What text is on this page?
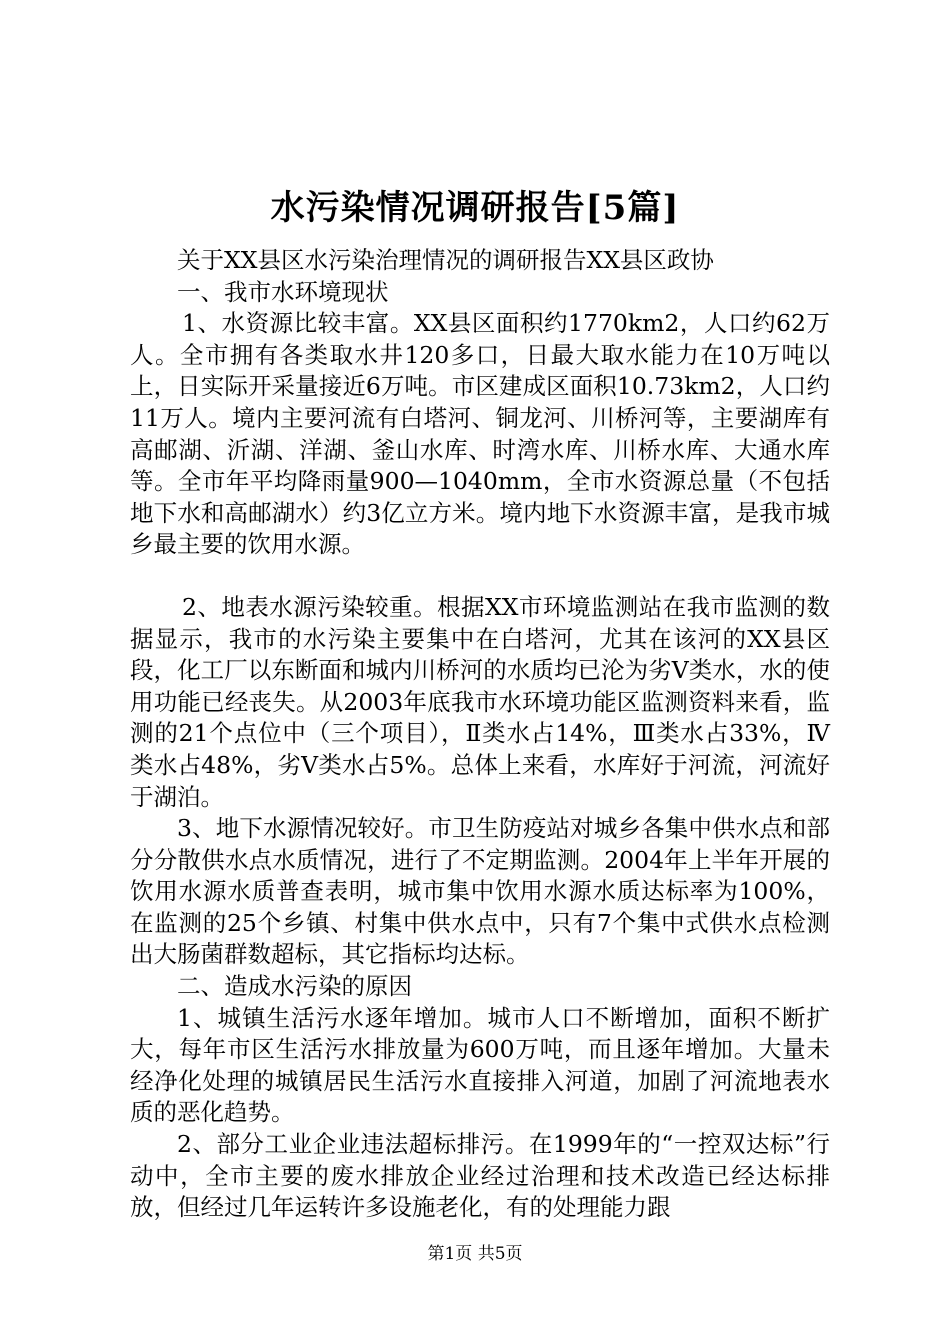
水污染情况调研报告[5篇]

关于XX县区水污染治理情况的调研报告XX县区政协

一、我市水环境现状

1、水资源比较丰富。XX县区面积约1770km2，人口约62万人。全市拥有各类取水井120多口，日最大取水能力在10万吨以上，日实际开采量接近6万吨。市区建成区面积10.73km2，人口约11万人。境内主要河流有白塔河、铜龙河、川桥河等，主要湖库有高邮湖、沂湖、洋湖、釜山水库、时湾水库、川桥水库、大通水库等。全市年平均降雨量900—1040mm，全市水资源总量（不包括地下水和高邮湖水）约3亿立方米。境内地下水资源丰富，是我市城乡最主要的饮用水源。

2、地表水源污染较重。根据XX市环境监测站在我市监测的数据显示，我市的水污染主要集中在白塔河，尤其在该河的XX县区段，化工厂以东断面和城内川桥河的水质均已沦为劣Ⅴ类水，水的使用功能已经丧失。从2003年底我市水环境功能区监测资料来看，监测的21个点位中（三个项目），Ⅱ类水占14%，Ⅲ类水占33%，Ⅳ类水占48%，劣Ⅴ类水占5%。总体上来看，水库好于河流，河流好于湖泊。

3、地下水源情况较好。市卫生防疫站对城乡各集中供水点和部分分散供水点水质情况，进行了不定期监测。2004年上半年开展的饮用水源水质普查表明，城市集中饮用水源水质达标率为100%，在监测的25个乡镇、村集中供水点中，只有7个集中式供水点检测出大肠菌群数超标，其它指标均达标。

二、造成水污染的原因

1、城镇生活污水逐年增加。城市人口不断增加，面积不断扩大，每年市区生活污水排放量为600万吨，而且逐年增加。大量未经净化处理的城镇居民生活污水直接排入河道，加剧了河流地表水质的恶化趋势。

2、部分工业企业违法超标排污。在1999年的“一控双达标”行动中，全市主要的废水排放企业经过治理和技术改造已经达标排放，但经过几年运转许多设施老化，有的处理能力跟

第1页 共5页
